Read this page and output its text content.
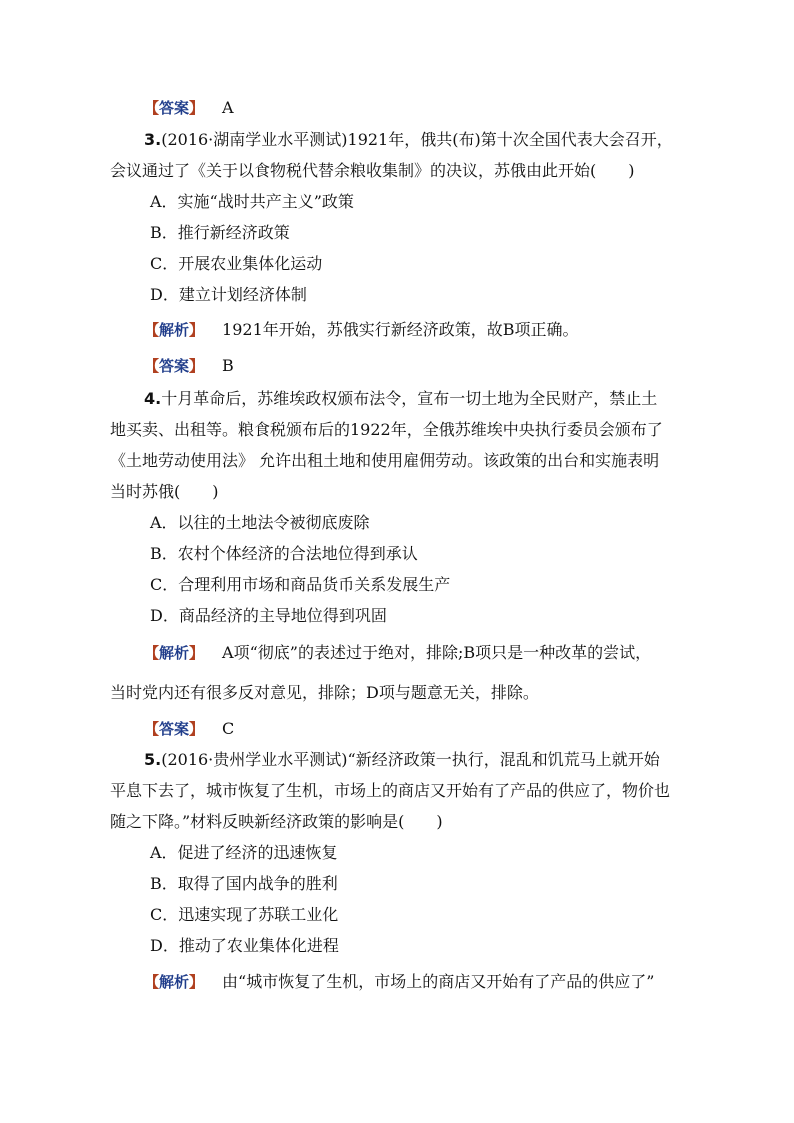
【答案】 A
3.(2016·湖南学业水平测试)1921年，俄共(布)第十次全国代表大会召开，
会议通过了《关于以食物税代替余粮收集制》的决议，苏俄由此开始(　　)
A．实施“战时共产主义”政策
B．推行新经济政策
C．开展农业集体化运动
D．建立计划经济体制
【解析】 1921年开始，苏俄实行新经济政策，故B项正确。
【答案】 B
4.十月革命后，苏维埃政权颁布法令，宣布一切土地为全民财产，禁止土
地买卖、出租等。粮食税颁布后的1922年，全俄苏维埃中央执行委员会颁布了
《土地劳动使用法》 允许出租土地和使用雇佣劳动。该政策的出台和实施表明
当时苏俄(　　)
A．以往的土地法令被彻底废除
B．农村个体经济的合法地位得到承认
C．合理利用市场和商品货币关系发展生产
D．商品经济的主导地位得到巩固
【解析】 A项“彻底”的表述过于绝对，排除;B项只是一种改革的尝试，
当时党内还有很多反对意见，排除；D项与题意无关，排除。
【答案】 C
5.(2016·贵州学业水平测试)“新经济政策一执行，混乱和饥荒马上就开始
平息下去了，城市恢复了生机，市场上的商店又开始有了产品的供应了，物价也
随之下降。”材料反映新经济政策的影响是(　　)
A．促进了经济的迅速恢复
B．取得了国内战争的胜利
C．迅速实现了苏联工业化
D．推动了农业集体化进程
【解析】 由“城市恢复了生机，市场上的商店又开始有了产品的供应了”
